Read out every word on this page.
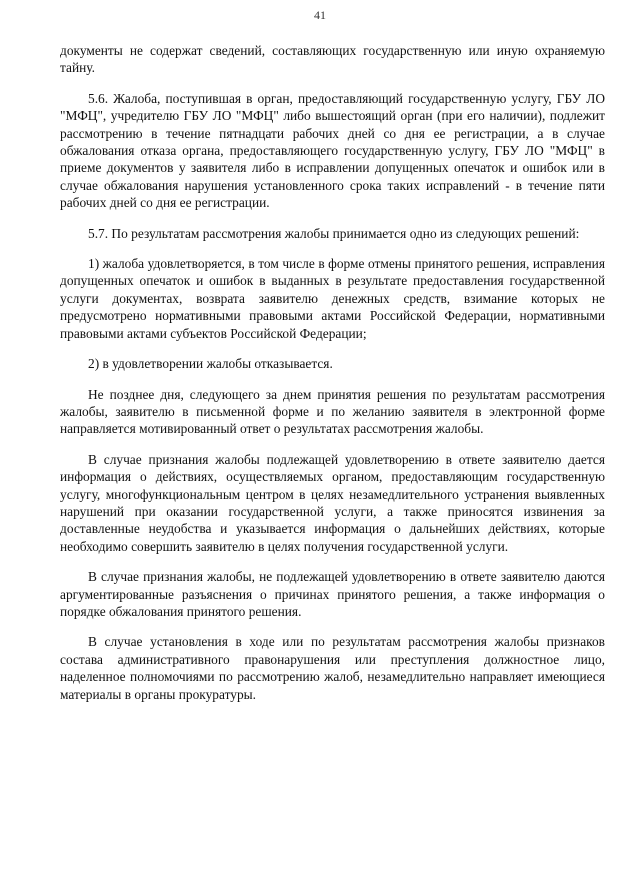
41

документы не содержат сведений, составляющих государственную или иную охраняемую тайну.

5.6. Жалоба, поступившая в орган, предоставляющий государственную услугу, ГБУ ЛО "МФЦ", учредителю ГБУ ЛО "МФЦ" либо вышестоящий орган (при его наличии), подлежит рассмотрению в течение пятнадцати рабочих дней со дня ее регистрации, а в случае обжалования отказа органа, предоставляющего государственную услугу, ГБУ ЛО "МФЦ" в приеме документов у заявителя либо в исправлении допущенных опечаток и ошибок или в случае обжалования нарушения установленного срока таких исправлений - в течение пяти рабочих дней со дня ее регистрации.

5.7. По результатам рассмотрения жалобы принимается одно из следующих решений:

1) жалоба удовлетворяется, в том числе в форме отмены принятого решения, исправления допущенных опечаток и ошибок в выданных в результате предоставления государственной услуги документах, возврата заявителю денежных средств, взимание которых не предусмотрено нормативными правовыми актами Российской Федерации, нормативными правовыми актами субъектов Российской Федерации;

2) в удовлетворении жалобы отказывается.

Не позднее дня, следующего за днем принятия решения по результатам рассмотрения жалобы, заявителю в письменной форме и по желанию заявителя в электронной форме направляется мотивированный ответ о результатах рассмотрения жалобы.

В случае признания жалобы подлежащей удовлетворению в ответе заявителю дается информация о действиях, осуществляемых органом, предоставляющим государственную услугу, многофункциональным центром в целях незамедлительного устранения выявленных нарушений при оказании государственной услуги, а также приносятся извинения за доставленные неудобства и указывается информация о дальнейших действиях, которые необходимо совершить заявителю в целях получения государственной услуги.

В случае признания жалобы, не подлежащей удовлетворению в ответе заявителю даются аргументированные разъяснения о причинах принятого решения, а также информация о порядке обжалования принятого решения.

В случае установления в ходе или по результатам рассмотрения жалобы признаков состава административного правонарушения или преступления должностное лицо, наделенное полномочиями по рассмотрению жалоб, незамедлительно направляет имеющиеся материалы в органы прокуратуры.
